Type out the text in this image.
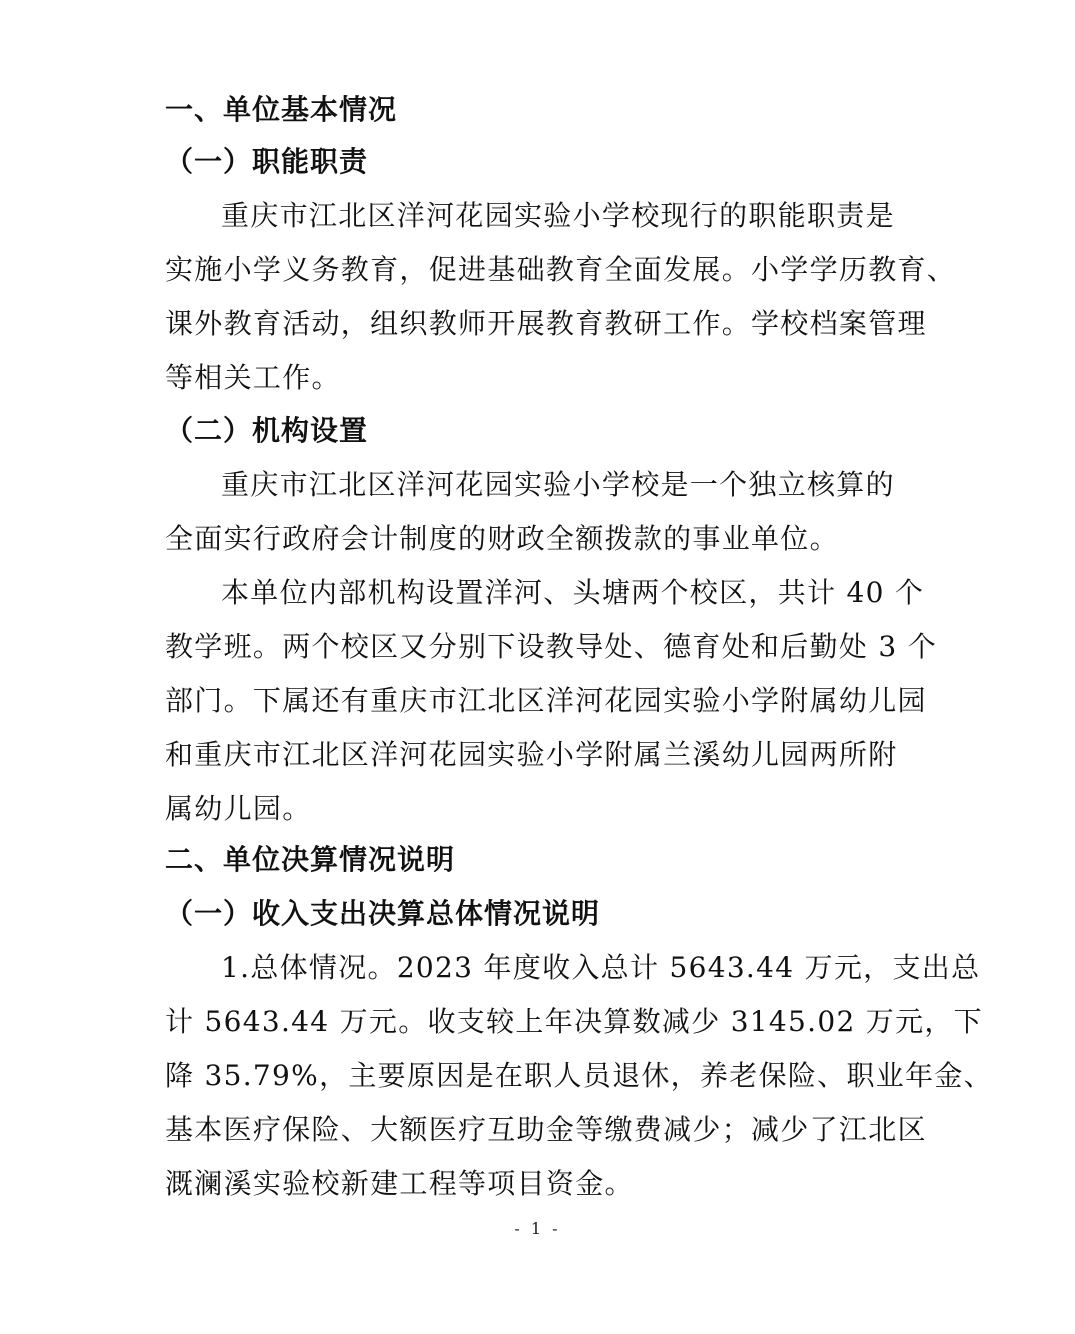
一、单位基本情况
（一）职能职责
重庆市江北区洋河花园实验小学校现行的职能职责是
实施小学义务教育，促进基础教育全面发展。小学学历教育、
课外教育活动，组织教师开展教育教研工作。学校档案管理
等相关工作。
（二）机构设置
重庆市江北区洋河花园实验小学校是一个独立核算的
全面实行政府会计制度的财政全额拨款的事业单位。
本单位内部机构设置洋河、头塘两个校区，共计 40 个
教学班。两个校区又分别下设教导处、德育处和后勤处 3 个
部门。下属还有重庆市江北区洋河花园实验小学附属幼儿园
和重庆市江北区洋河花园实验小学附属兰溪幼儿园两所附
属幼儿园。
二、单位决算情况说明
（一）收入支出决算总体情况说明
1.总体情况。2023 年度收入总计 5643.44 万元，支出总
计 5643.44 万元。收支较上年决算数减少 3145.02 万元，下
降 35.79%，主要原因是在职人员退休，养老保险、职业年金、
基本医疗保险、大额医疗互助金等缴费减少；减少了江北区
溉澜溪实验校新建工程等项目资金。
- 1 -
